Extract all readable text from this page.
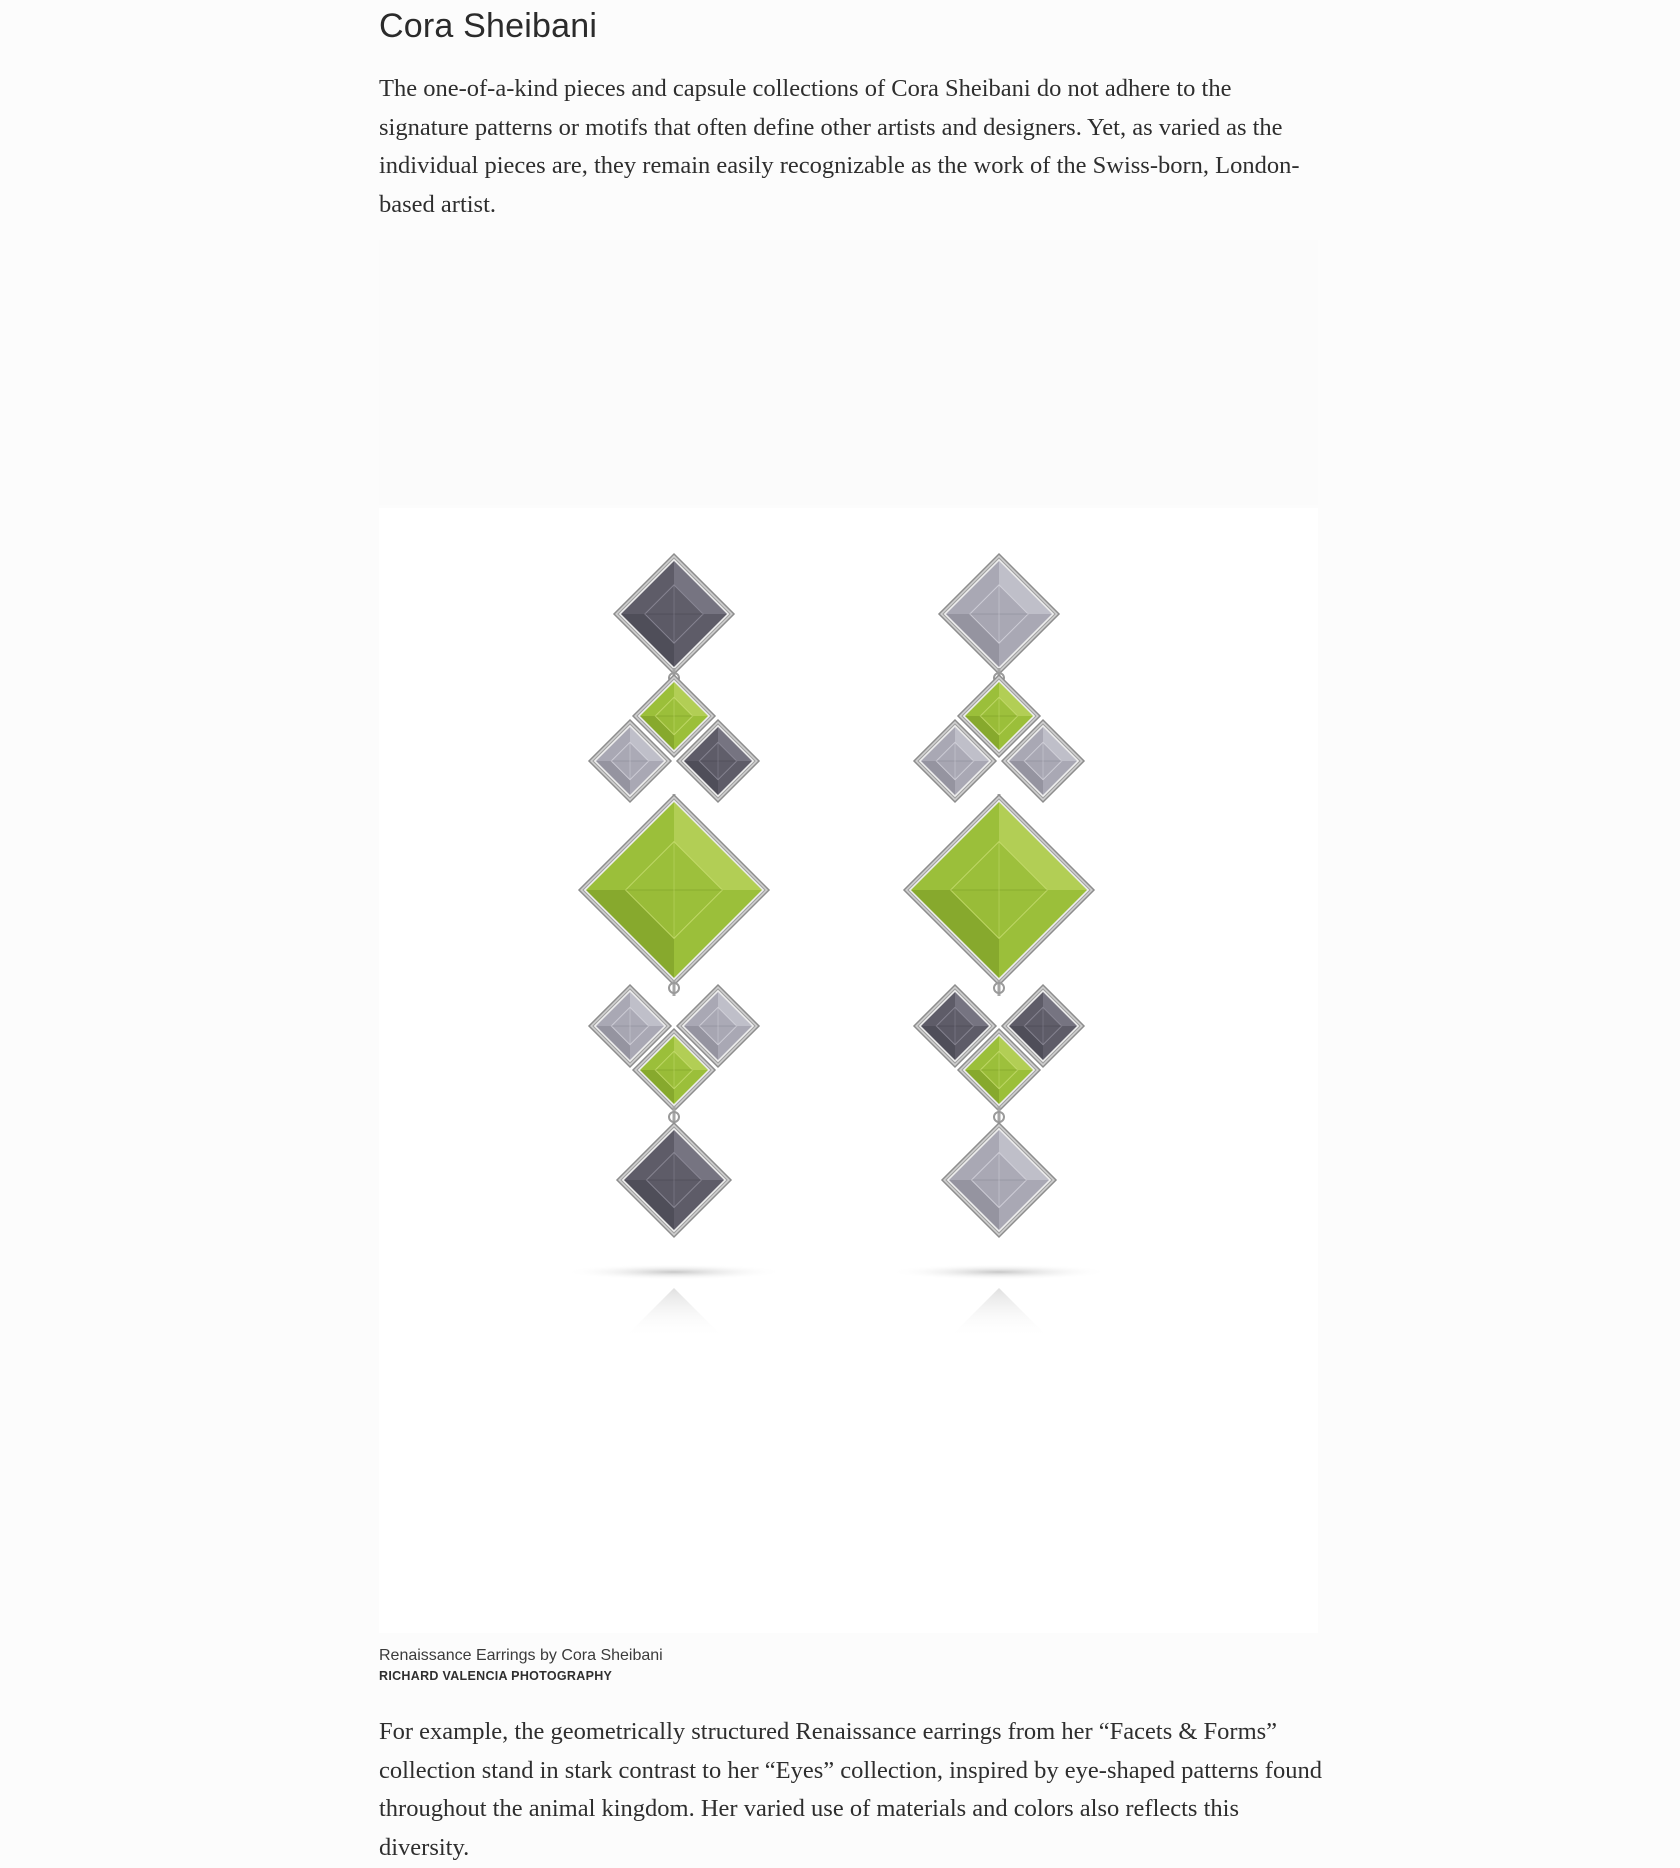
Cora Sheibani

The one-of-a-kind pieces and capsule collections of Cora Sheibani do not adhere to the signature patterns or motifs that often define other artists and designers. Yet, as varied as the individual pieces are, they remain easily recognizable as the work of the Swiss-born, London-based artist.

Renaissance Earrings by Cora Sheibani
RICHARD VALENCIA PHOTOGRAPHY

For example, the geometrically structured Renaissance earrings from her “Facets & Forms” collection stand in stark contrast to her “Eyes” collection, inspired by eye-shaped patterns found throughout the animal kingdom. Her varied use of materials and colors also reflects this diversity.
